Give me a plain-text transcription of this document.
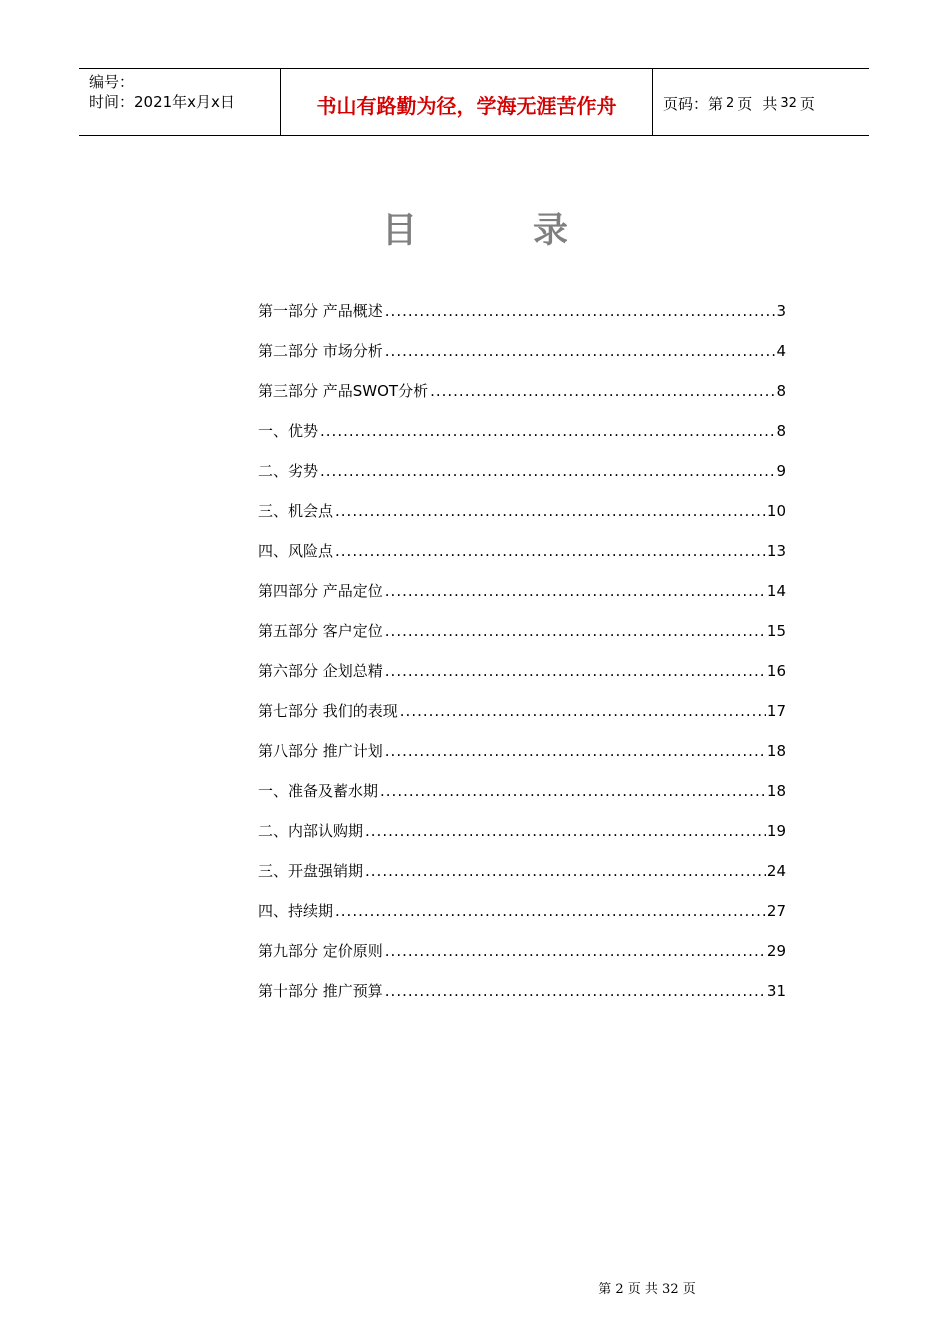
编号：
时间：2021年x月x日	书山有路勤为径，学海无涯苦作舟	页码：第 2 页 共 32 页
目	录
第一部分 产品概述 .....	3
第二部分 市场分析 .....	4
第三部分 产品SWOT分析 .....	8
一、优势 .....	8
二、劣势 .....	9
三、机会点 .....	10
四、风险点 .....	13
第四部分 产品定位 .....	14
第五部分 客户定位 .....	15
第六部分 企划总精 .....	16
第七部分 我们的表现 .....	17
第八部分 推广计划 .....	18
一、准备及蓄水期 .....	18
二、内部认购期 .....	19
三、开盘强销期 .....	24
四、持续期 .....	27
第九部分 定价原则 .....	29
第十部分 推广预算 .....	31
第 2 页 共 32 页
